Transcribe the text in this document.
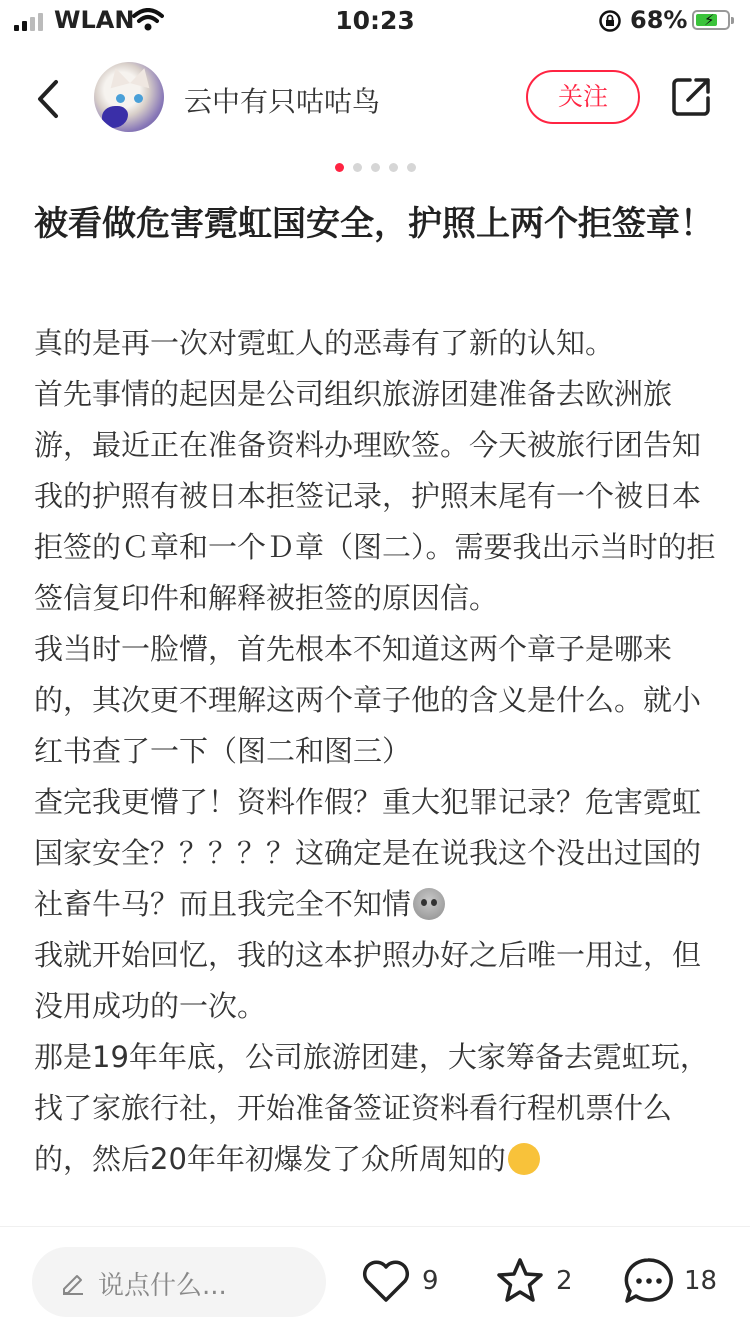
WLAN	10:23	68% ⚡
云中有只咕咕鸟	关注
被看做危害霓虹国安全，护照上两个拒签章！

真的是再一次对霓虹人的恶毒有了新的认知。

首先事情的起因是公司组织旅游团建准备去欧洲旅游，最近正在准备资料办理欧签。今天被旅行团告知我的护照有被日本拒签记录，护照末尾有一个被日本拒签的Ｃ章和一个Ｄ章（图二）。需要我出示当时的拒签信复印件和解释被拒签的原因信。

我当时一脸懵，首先根本不知道这两个章子是哪来的，其次更不理解这两个章子他的含义是什么。就小红书查了一下（图二和图三）

查完我更懵了！资料作假？重大犯罪记录？危害霓虹国家安全？？？？？这确定是在说我这个没出过国的社畜牛马？而且我完全不知情

我就开始回忆，我的这本护照办好之后唯一用过，但没用成功的一次。

那是19年年底，公司旅游团建，大家筹备去霓虹玩，找了家旅行社，开始准备签证资料看行程机票什么的，然后20年年初爆发了众所周知的

说点什么...	9	2	18
